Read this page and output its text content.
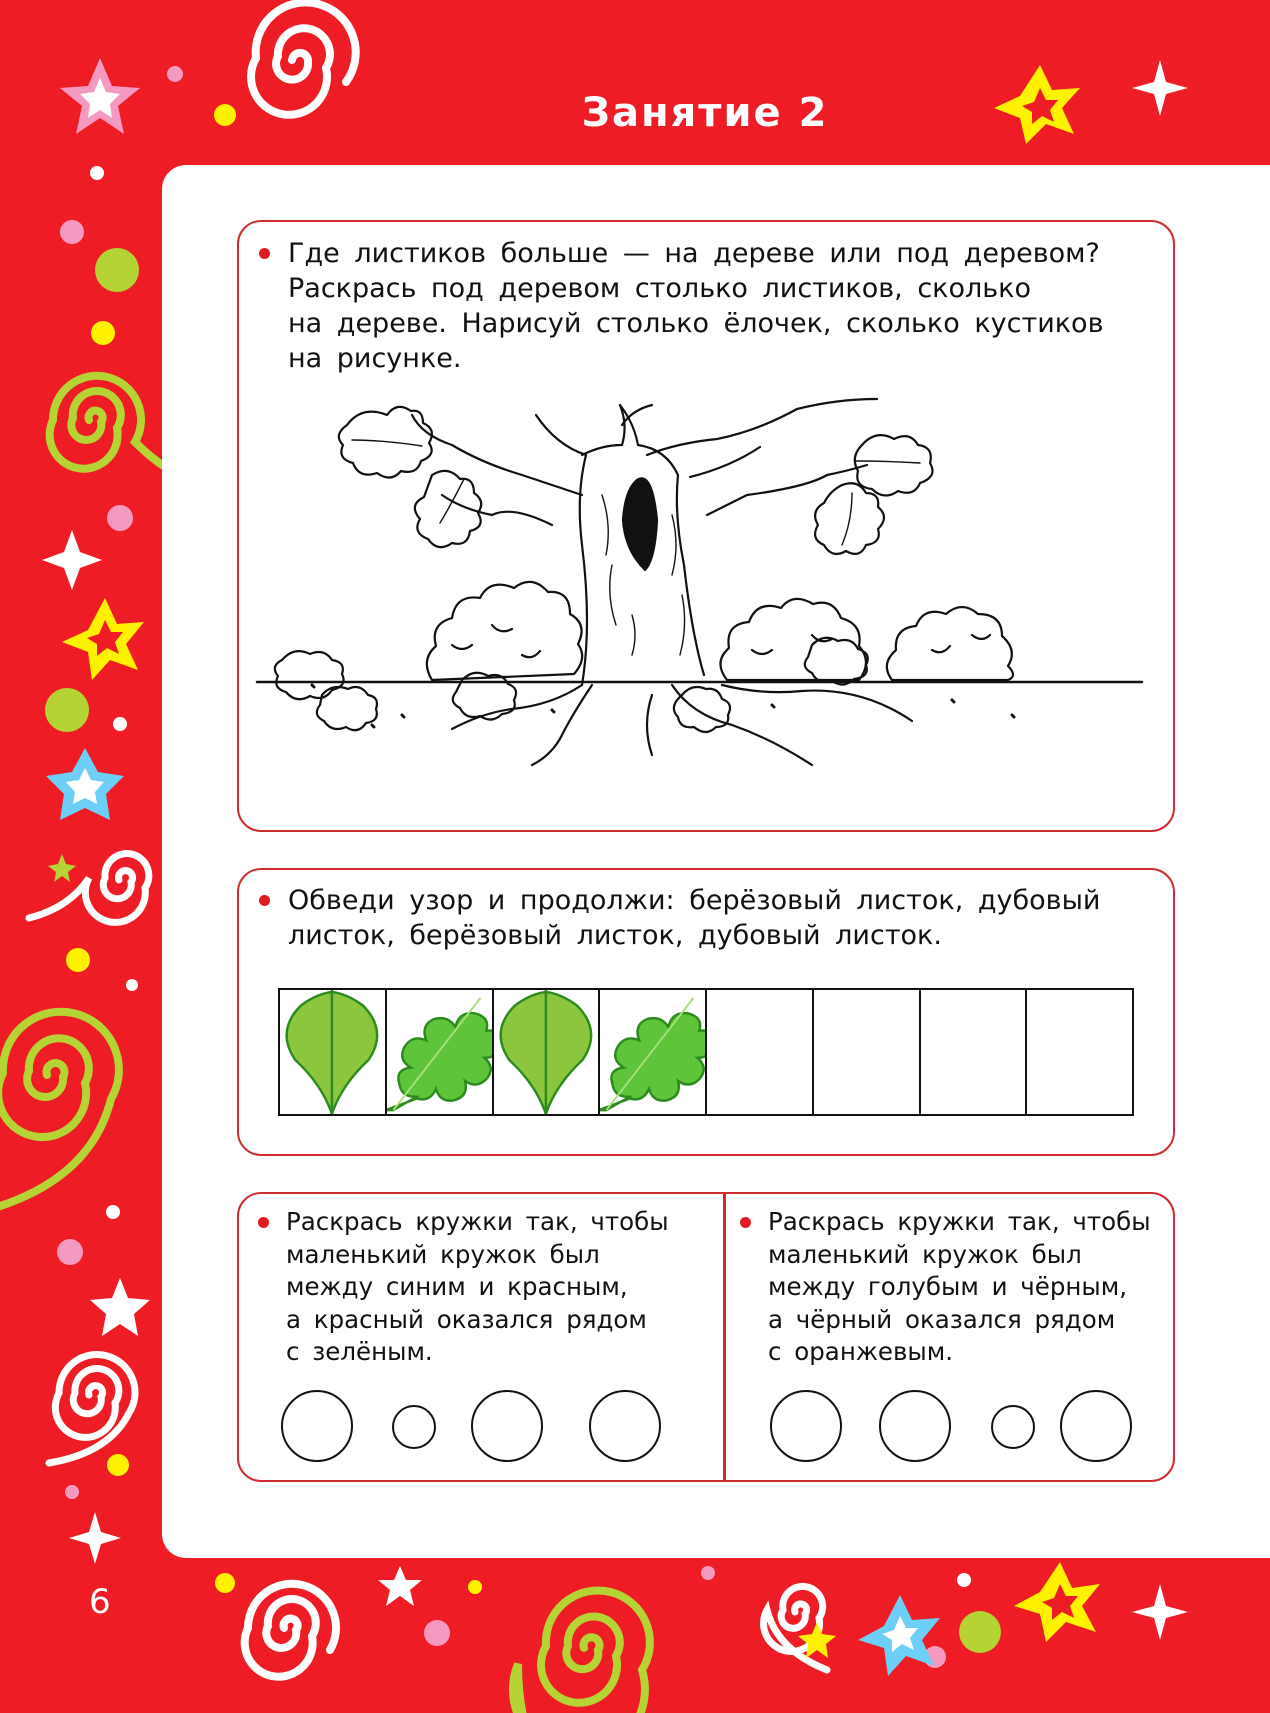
Занятие 2
Где листиков больше — на дереве или под деревом?
Раскрась под деревом столько листиков, сколько
на дереве. Нарисуй столько ёлочек, сколько кустиков
на рисунке.
Обведи узор и продолжи: берёзовый листок, дубовый
листок, берёзовый листок, дубовый листок.
Раскрась кружки так, чтобы
маленький кружок был
между синим и красным,
а красный оказался рядом
с зелёным.
Раскрась кружки так, чтобы
маленький кружок был
между голубым и чёрным,
а чёрный оказался рядом
с оранжевым.
6
